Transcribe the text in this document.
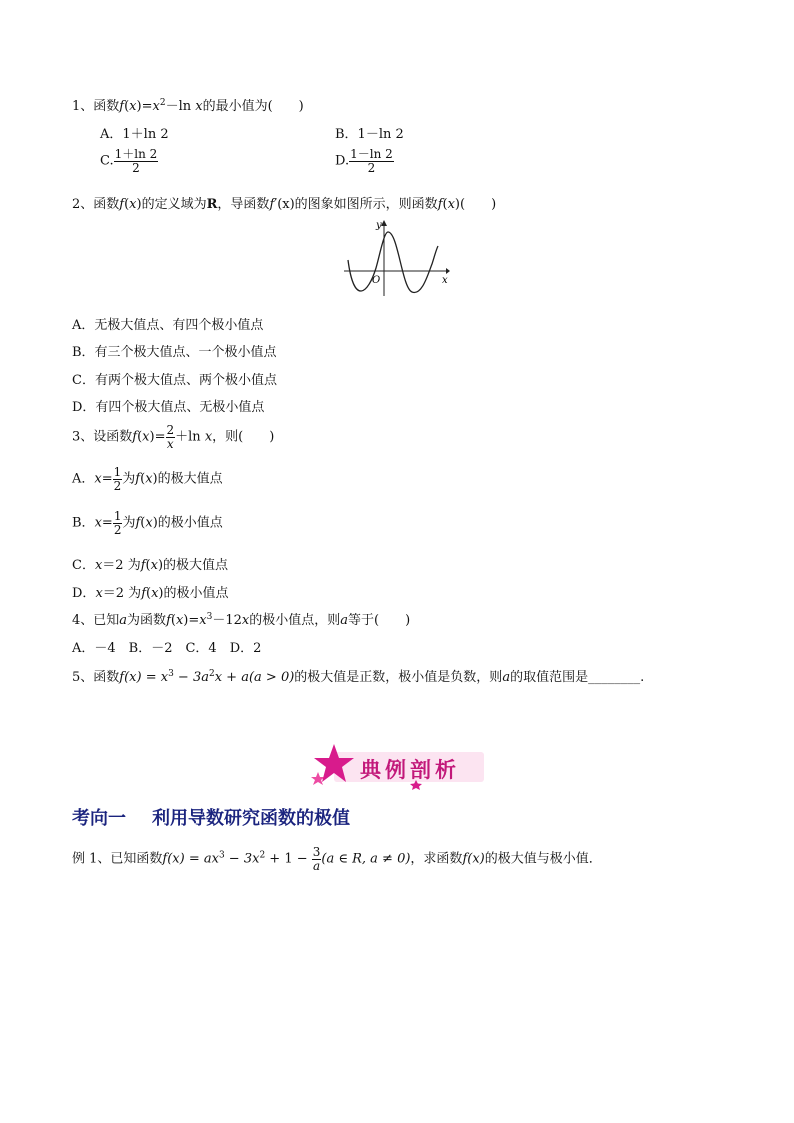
1、函数$f(x)=x^2-\ln$ x的最小值为(　　)
A．1＋ln 2	B．1－ln 2
C. $\frac{1+\ln 2}{2}$	D. $\frac{1-\ln 2}{2}$
2、函数f(x)的定义域为R，导函数f′(x)的图象如图所示，则函数f(x)(　　)
y
x
O
A．无极大值点、有四个极小值点
B．有三个极大值点、一个极小值点
C．有两个极大值点、两个极小值点
D．有四个极大值点、无极小值点
3、设函数$f(x)= \frac{2}{x} +\ln$ x，则(　　)
A．$x= \frac{1}{2}$ 为f(x)的极大值点
B．$x= \frac{1}{2}$ 为f(x)的极小值点
C．x＝2 为f(x)的极大值点
D．x＝2 为f(x)的极小值点
4、已知a为函数$f(x)=x^3-12x$的极小值点，则a等于(　　)
A．－4　B．－2　C．4　D．2
5、函数$f(x) = x^3 - 3a^2x + a(a > 0)$的极大值是正数，极小值是负数，则a的取值范围是________.
典例剖析
考向一 利用导数研究函数的极值
例 1、已知函数$f(x) = ax^3 - 3x^2 + 1 - \frac{3}{a} (a$ ∈ R, a ≠ 0)，求函数f(x)的极大值与极小值．
